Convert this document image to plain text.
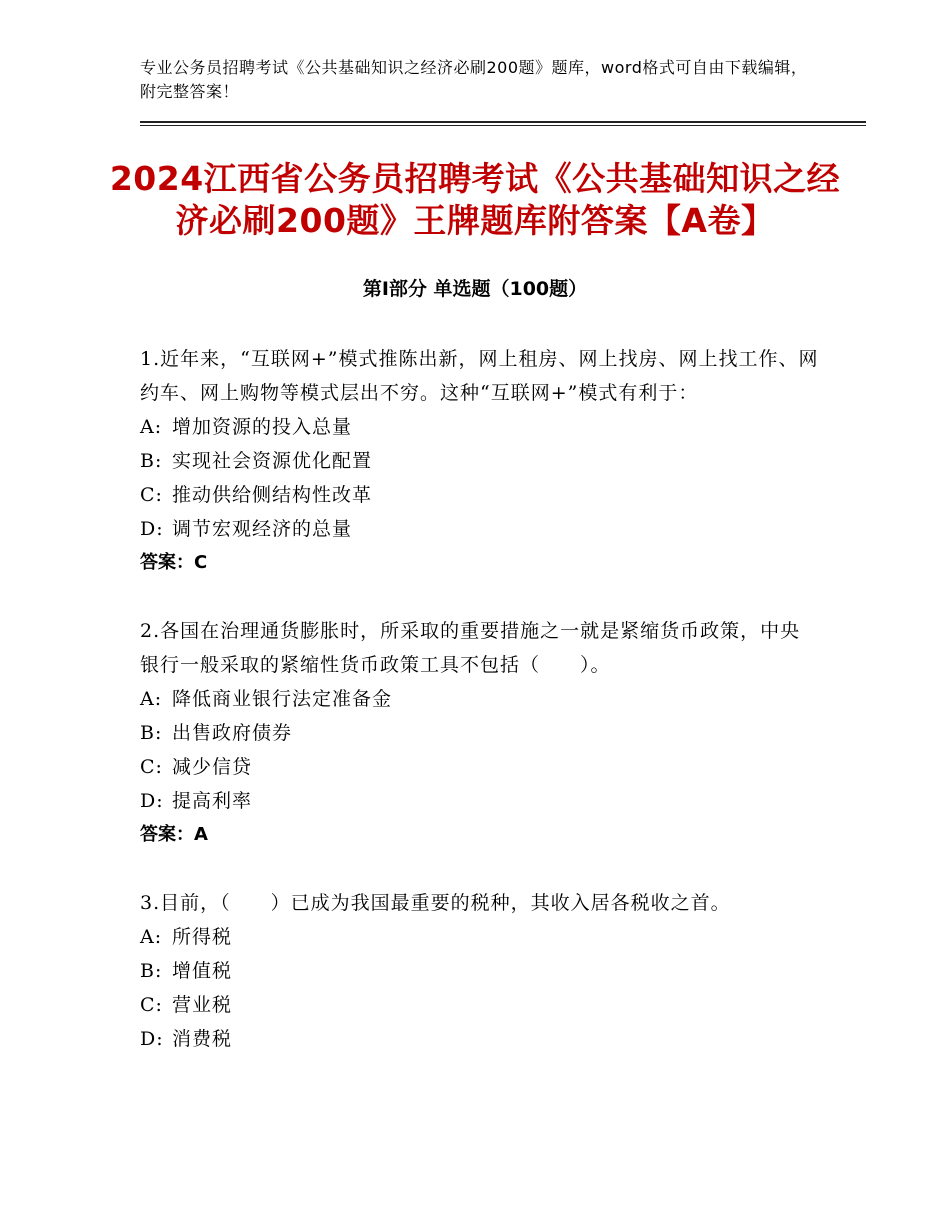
专业公务员招聘考试《公共基础知识之经济必刷200题》题库，word格式可自由下载编辑，附完整答案！
2024江西省公务员招聘考试《公共基础知识之经济必刷200题》王牌题库附答案【A卷】
第Ⅰ部分 单选题（100题）

1.近年来，“互联网+”模式推陈出新，网上租房、网上找房、网上找工作、网约车、网上购物等模式层出不穷。这种“互联网+”模式有利于：

A: 增加资源的投入总量

B: 实现社会资源优化配置

C: 推动供给侧结构性改革

D: 调节宏观经济的总量

答案：C

2.各国在治理通货膨胀时，所采取的重要措施之一就是紧缩货币政策，中央银行一般采取的紧缩性货币政策工具不包括（　　）。

A: 降低商业银行法定准备金

B: 出售政府债券

C: 减少信贷

D: 提高利率

答案：A

3.目前，（　　）已成为我国最重要的税种，其收入居各税收之首。

A: 所得税

B: 增值税

C: 营业税

D: 消费税
